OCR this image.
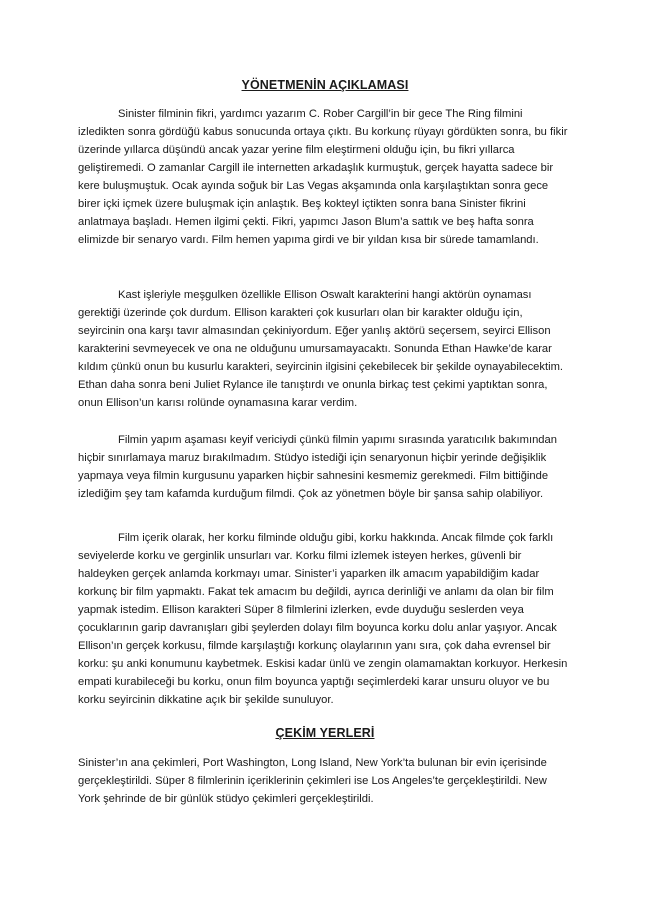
YÖNETMENİN AÇIKLAMASI

Sinister filminin fikri, yardımcı yazarım C. Rober Cargill’in bir gece The Ring filmini izledikten sonra gördüğü kabus sonucunda ortaya çıktı. Bu korkunç rüyayı gördükten sonra, bu fikir üzerinde yıllarca düşündü ancak yazar yerine film eleştirmeni olduğu için, bu fikri yıllarca geliştiremedi. O zamanlar Cargill ile internetten arkadaşlık kurmuştuk, gerçek hayatta sadece bir kere buluşmuştuk. Ocak ayında soğuk bir Las Vegas akşamında onla karşılaştıktan sonra gece birer içki içmek üzere buluşmak için anlaştık. Beş kokteyl içtikten sonra bana Sinister fikrini anlatmaya başladı. Hemen ilgimi çekti. Fikri, yapımcı Jason Blum’a sattık ve beş hafta sonra elimizde bir senaryo vardı. Film hemen yapıma girdi ve bir yıldan kısa bir sürede tamamlandı.

Kast işleriyle meşgulken özellikle Ellison Oswalt karakterini hangi aktörün oynaması gerektiği üzerinde çok durdum. Ellison karakteri çok kusurları olan bir karakter olduğu için, seyircinin ona karşı tavır almasından çekiniyordum. Eğer yanlış aktörü seçersem, seyirci Ellison karakterini sevmeyecek ve ona ne olduğunu umursamayacaktı. Sonunda Ethan Hawke’de karar kıldım çünkü onun bu kusurlu karakteri, seyircinin ilgisini çekebilecek bir şekilde oynayabilecektim. Ethan daha sonra beni Juliet Rylance ile tanıştırdı ve onunla birkaç test çekimi yaptıktan sonra, onun Ellison’un karısı rolünde oynamasına karar verdim.

Filmin yapım aşaması keyif vericiydi çünkü filmin yapımı sırasında yaratıcılık bakımından hiçbir sınırlamaya maruz bırakılmadım. Stüdyo istediği için senaryonun hiçbir yerinde değişiklik yapmaya veya filmin kurgusunu yaparken hiçbir sahnesini kesmemiz gerekmedi. Film bittiğinde izlediğim şey tam kafamda kurduğum filmdi. Çok az yönetmen böyle bir şansa sahip olabiliyor.

Film içerik olarak, her korku filminde olduğu gibi, korku hakkında. Ancak filmde çok farklı seviyelerde korku ve gerginlik unsurları var. Korku filmi izlemek isteyen herkes, güvenli bir haldeyken gerçek anlamda korkmayı umar. Sinister’i yaparken ilk amacım yapabildiğim kadar korkunç bir film yapmaktı. Fakat tek amacım bu değildi, ayrıca derinliği ve anlamı da olan bir film yapmak istedim. Ellison karakteri Süper 8 filmlerini izlerken, evde duyduğu seslerden veya çocuklarının garip davranışları gibi şeylerden dolayı film boyunca korku dolu anlar yaşıyor. Ancak Ellison’ın gerçek korkusu, filmde karşılaştığı korkunç olaylarının yanı sıra, çok daha evrensel bir korku: şu anki konumunu kaybetmek. Eskisi kadar ünlü ve zengin olamamaktan korkuyor. Herkesin empati kurabileceği bu korku, onun film boyunca yaptığı seçimlerdeki karar unsuru oluyor ve bu korku seyircinin dikkatine açık bir şekilde sunuluyor.

ÇEKİM YERLERİ

Sinister’ın ana çekimleri, Port Washington, Long Island, New York’ta bulunan bir evin içerisinde gerçekleştirildi. Süper 8 filmlerinin içeriklerinin çekimleri ise Los Angeles’te gerçekleştirildi. New York şehrinde de bir günlük stüdyo çekimleri gerçekleştirildi.
